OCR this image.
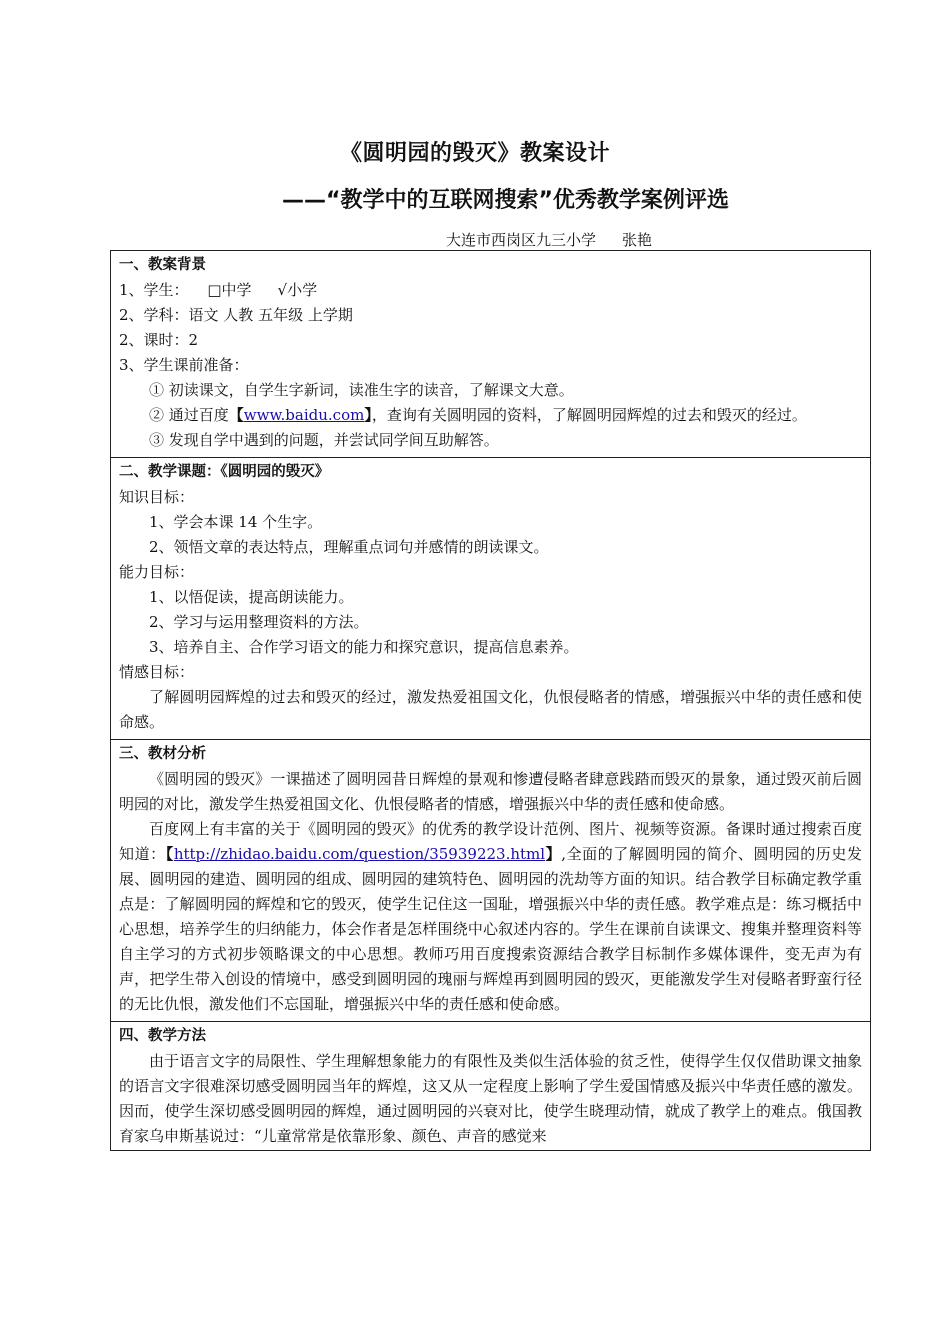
《圆明园的毁灭》教案设计
——“教学中的互联网搜索”优秀教学案例评选
大连市西岗区九三小学 张艳
一、教案背景
1、学生： □中学 √小学
2、学科：语文 人教 五年级 上学期
2、课时：2
3、学生课前准备：
① 初读课文，自学生字新词，读准生字的读音，了解课文大意。
② 通过百度【www.baidu.com】，查询有关圆明园的资料，了解圆明园辉煌的过去和毁灭的经过。
③ 发现自学中遇到的问题，并尝试同学间互助解答。

二、教学课题：《圆明园的毁灭》
知识目标：
1、学会本课 14 个生字。
2、领悟文章的表达特点，理解重点词句并感情的朗读课文。
能力目标：
1、以悟促读，提高朗读能力。
2、学习与运用整理资料的方法。
3、培养自主、合作学习语文的能力和探究意识，提高信息素养。
情感目标：
了解圆明园辉煌的过去和毁灭的经过，激发热爱祖国文化，仇恨侵略者的情感，增强振兴中华的责任感和使命感。

三、教材分析
《圆明园的毁灭》一课描述了圆明园昔日辉煌的景观和惨遭侵略者肆意践踏而毁灭的景象，通过毁灭前后圆明园的对比，激发学生热爱祖国文化、仇恨侵略者的情感，增强振兴中华的责任感和使命感。
百度网上有丰富的关于《圆明园的毁灭》的优秀的教学设计范例、图片、视频等资源。备课时通过搜索百度知道：【http://zhidao.baidu.com/question/35939223.html】,全面的了解圆明园的简介、圆明园的历史发展、圆明园的建造、圆明园的组成、圆明园的建筑特色、圆明园的洗劫等方面的知识。结合教学目标确定教学重点是：了解圆明园的辉煌和它的毁灭，使学生记住这一国耻，增强振兴中华的责任感。教学难点是：练习概括中心思想，培养学生的归纳能力，体会作者是怎样围绕中心叙述内容的。学生在课前自读课文、搜集并整理资料等自主学习的方式初步领略课文的中心思想。教师巧用百度搜索资源结合教学目标制作多媒体课件，变无声为有声，把学生带入创设的情境中，感受到圆明园的瑰丽与辉煌再到圆明园的毁灭，更能激发学生对侵略者野蛮行径的无比仇恨，激发他们不忘国耻，增强振兴中华的责任感和使命感。

四、教学方法
由于语言文字的局限性、学生理解想象能力的有限性及类似生活体验的贫乏性，使得学生仅仅借助课文抽象的语言文字很难深切感受圆明园当年的辉煌，这又从一定程度上影响了学生爱国情感及振兴中华责任感的激发。因而，使学生深切感受圆明园的辉煌，通过圆明园的兴衰对比，使学生晓理动情，就成了教学上的难点。俄国教育家乌申斯基说过：“儿童常常是依靠形象、颜色、声音的感觉来
